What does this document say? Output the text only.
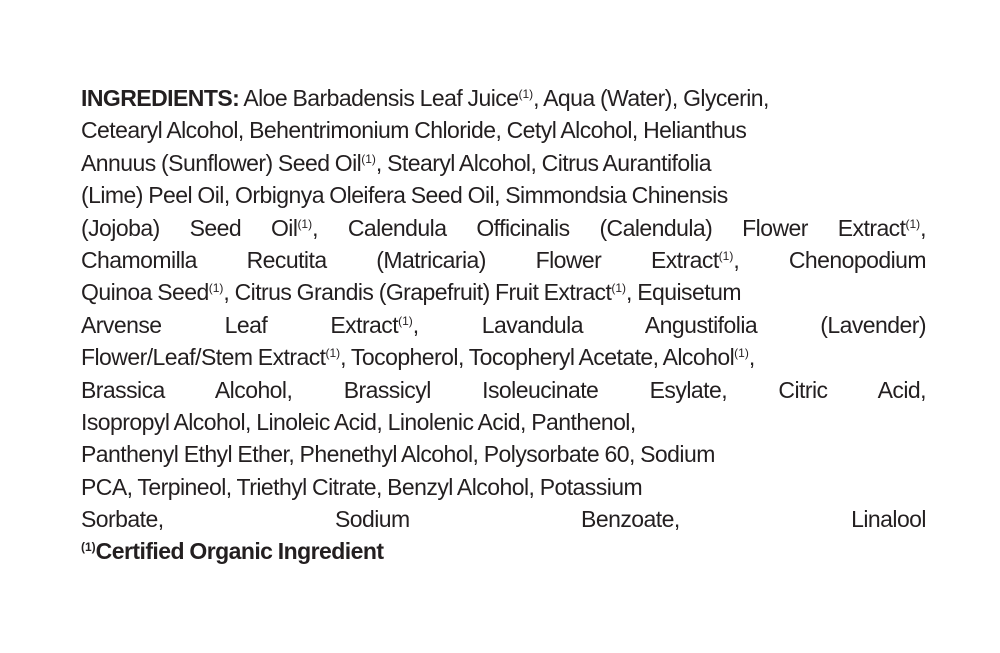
INGREDIENTS: Aloe Barbadensis Leaf Juice$^{(1)}$, Aqua (Water), Glycerin,
Cetearyl Alcohol, Behentrimonium Chloride, Cetyl Alcohol, Helianthus
Annuus (Sunflower) Seed Oil$^{(1)}$, Stearyl Alcohol, Citrus Aurantifolia
(Lime) Peel Oil, Orbignya Oleifera Seed Oil, Simmondsia Chinensis
(Jojoba) Seed Oil$^{(1)}$, Calendula Officinalis (Calendula) Flower Extract$^{(1)}$,
Chamomilla Recutita (Matricaria) Flower Extract$^{(1)}$, Chenopodium
Quinoa Seed$^{(1)}$, Citrus Grandis (Grapefruit) Fruit Extract$^{(1)}$, Equisetum
Arvense Leaf Extract$^{(1)}$, Lavandula Angustifolia (Lavender)
Flower/Leaf/Stem Extract$^{(1)}$, Tocopherol, Tocopheryl Acetate, Alcohol$^{(1)}$,
Brassica Alcohol, Brassicyl Isoleucinate Esylate, Citric Acid,
Isopropyl Alcohol, Linoleic Acid, Linolenic Acid, Panthenol,
Panthenyl Ethyl Ether, Phenethyl Alcohol, Polysorbate 60, Sodium
PCA, Terpineol, Triethyl Citrate, Benzyl Alcohol, Potassium
Sorbate, Sodium Benzoate, Linalool
$^{(1)}$Certified Organic Ingredient
